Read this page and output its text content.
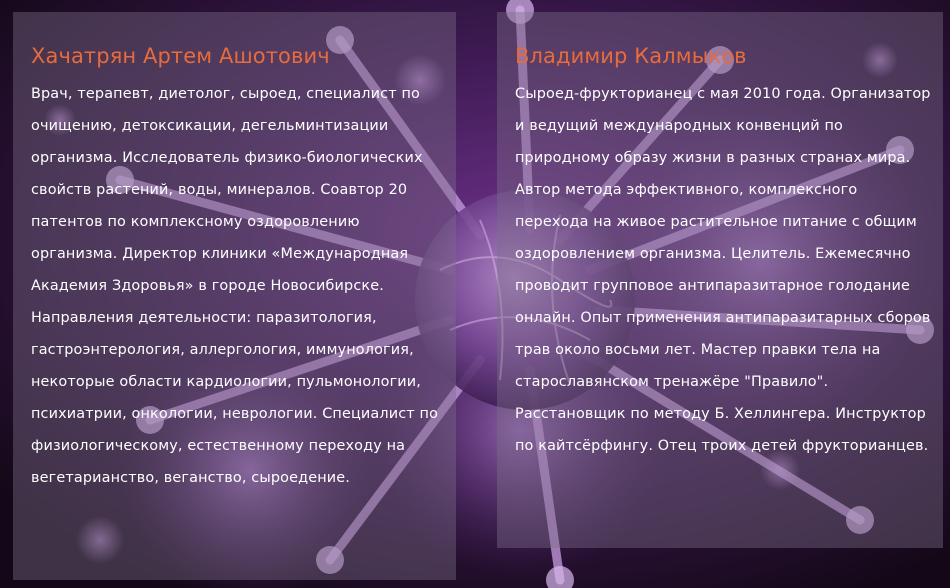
Хачатрян Артем Ашотович

Врач, терапевт, диетолог, сыроед, специалист по очищению, детоксикации, дегельминтизации организма. Исследователь физико-биологических свойств растений, воды, минералов. Соавтор 20 патентов по комплексному оздоровлению организма. Директор клиники «Международная Академия Здоровья» в городе Новосибирске. Направления деятельности: паразитология, гастроэнтерология, аллергология, иммунология, некоторые области кардиологии, пульмонологии, психиатрии, онкологии, неврологии. Специалист по физиологическому, естественному переходу на вегетарианство, веганство, сыроедение.

Владимир Калмыков

Сыроед-фрукторианец с мая 2010 года. Организатор и ведущий международных конвенций по природному образу жизни в разных странах мира. Автор метода эффективного, комплексного перехода на живое растительное питание с общим оздоровлением организма. Целитель. Ежемесячно проводит групповое антипаразитарное голодание онлайн. Опыт применения антипаразитарных сборов трав около восьми лет. Мастер правки тела на старославянском тренажёре "Правило". Расстановщик по методу Б. Хеллингера. Инструктор по кайтсёрфингу. Отец троих детей фрукторианцев.
